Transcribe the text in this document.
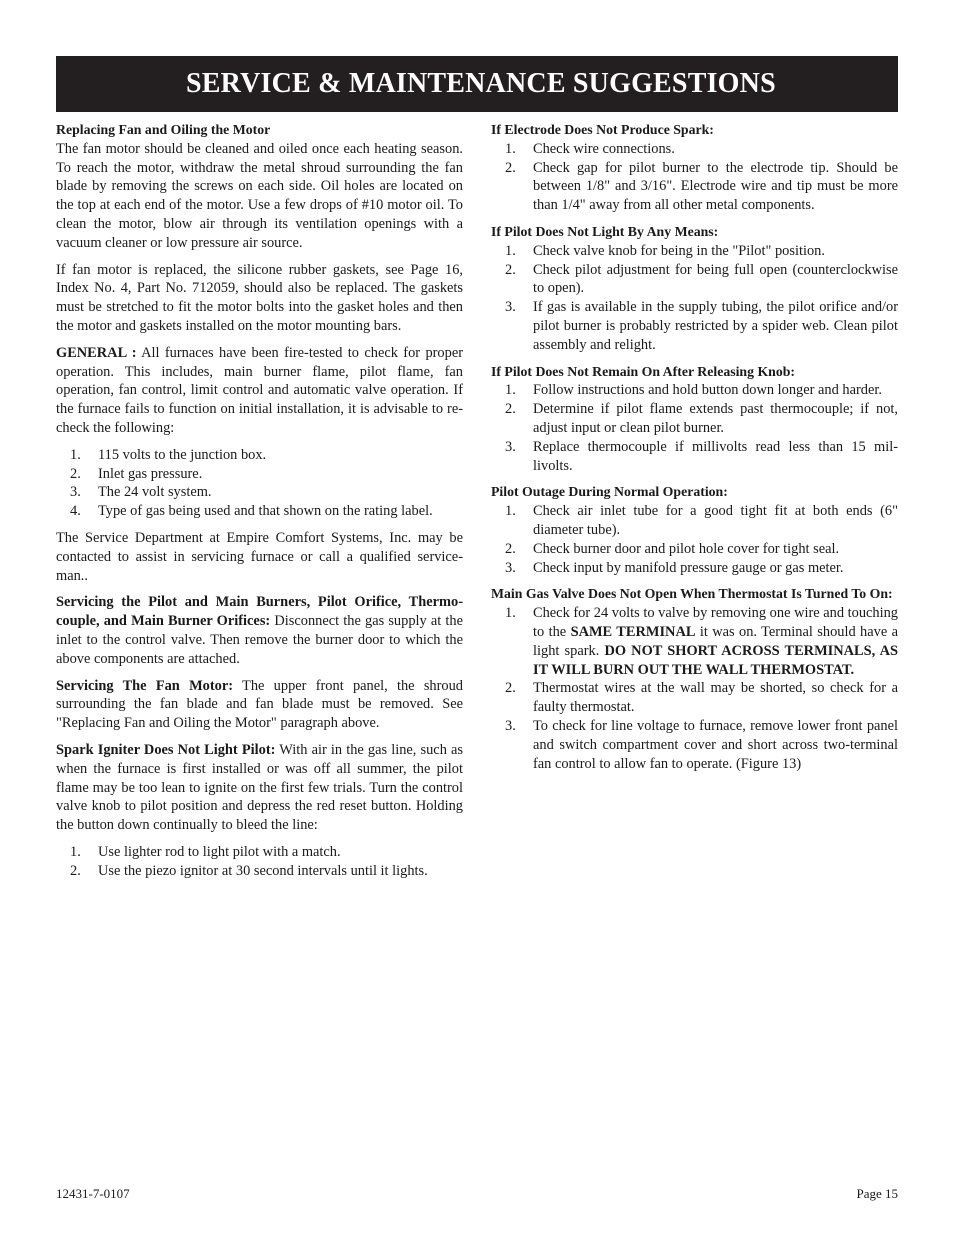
SERVICE & MAINTENANCE SUGGESTIONS
Replacing Fan and Oiling the Motor

The fan motor should be cleaned and oiled once each heating season. To reach the motor, withdraw the metal shroud surrounding the fan blade by removing the screws on each side. Oil holes are located on the top at each end of the motor. Use a few drops of #10 motor oil. To clean the motor, blow air through its ventilation openings with a vacuum cleaner or low pressure air source.

If fan motor is replaced, the silicone rubber gaskets, see Page 16, Index No. 4, Part No. 712059, should also be replaced. The gaskets must be stretched to fit the motor bolts into the gasket holes and then the motor and gaskets installed on the motor mounting bars.

GENERAL : All furnaces have been fire-tested to check for proper operation. This includes, main burner flame, pilot flame, fan operation, fan control, limit control and automatic valve operation. If the furnace fails to function on initial installation, it is advisable to re-check the following:

1. 115 volts to the junction box.
2. Inlet gas pressure.
3. The 24 volt system.
4. Type of gas being used and that shown on the rating label.

The Service Department at Empire Comfort Systems, Inc. may be contacted to assist in servicing furnace or call a qualified service-man..

Servicing the Pilot and Main Burners, Pilot Orifice, Thermo-couple, and Main Burner Orifices: Disconnect the gas supply at the inlet to the control valve. Then remove the burner door to which the above components are attached.

Servicing The Fan Motor: The upper front panel, the shroud surrounding the fan blade and fan blade must be removed. See "Replacing Fan and Oiling the Motor" paragraph above.

Spark Igniter Does Not Light Pilot: With air in the gas line, such as when the furnace is first installed or was off all summer, the pilot flame may be too lean to ignite on the first few trials. Turn the control valve knob to pilot position and depress the red reset button. Holding the button down continually to bleed the line:

1. Use lighter rod to light pilot with a match.
2. Use the piezo ignitor at 30 second intervals until it lights.
If Electrode Does Not Produce Spark:
1. Check wire connections.
2. Check gap for pilot burner to the electrode tip. Should be between 1/8" and 3/16". Electrode wire and tip must be more than 1/4" away from all other metal components.
If Pilot Does Not Light By Any Means:
1. Check valve knob for being in the "Pilot" position.
2. Check pilot adjustment for being full open (counterclockwise to open).
3. If gas is available in the supply tubing, the pilot orifice and/or pilot burner is probably restricted by a spider web. Clean pilot assembly and relight.
If Pilot Does Not Remain On After Releasing Knob:
1. Follow instructions and hold button down longer and harder.
2. Determine if pilot flame extends past thermocouple; if not, adjust input or clean pilot burner.
3. Replace thermocouple if millivolts read less than 15 mil-livolts.
Pilot Outage During Normal Operation:
1. Check air inlet tube for a good tight fit at both ends (6" diameter tube).
2. Check burner door and pilot hole cover for tight seal.
3. Check input by manifold pressure gauge or gas meter.
Main Gas Valve Does Not Open When Thermostat Is Turned To On:
1. Check for 24 volts to valve by removing one wire and touching to the SAME TERMINAL it was on. Terminal should have a light spark. DO NOT SHORT ACROSS TERMINALS, AS IT WILL BURN OUT THE WALL THERMOSTAT.
2. Thermostat wires at the wall may be shorted, so check for a faulty thermostat.
3. To check for line voltage to furnace, remove lower front panel and switch compartment cover and short across two-terminal fan control to allow fan to operate. (Figure 13)
12431-7-0107	Page 15
